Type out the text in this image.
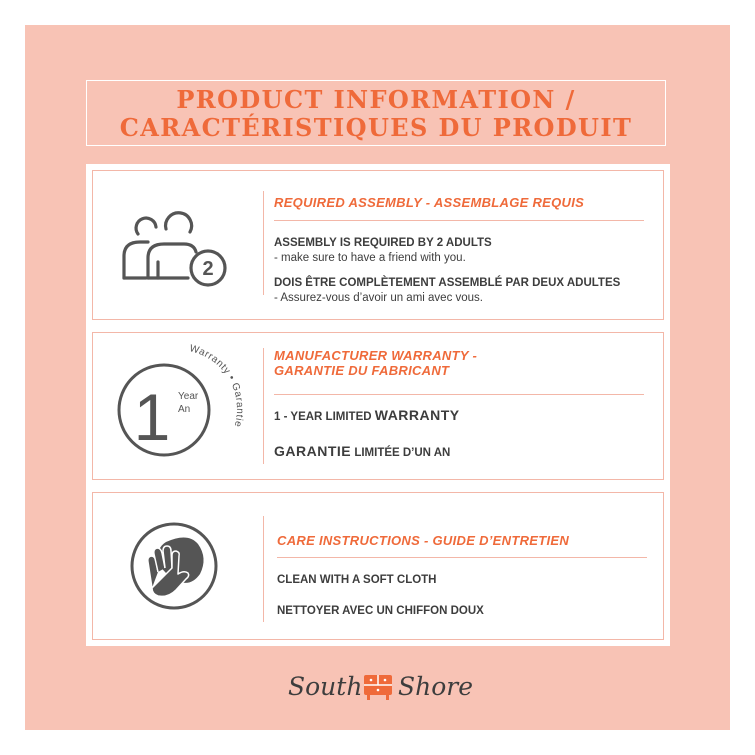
PRODUCT INFORMATION /
CARACTÉRISTIQUES DU PRODUIT
2
REQUIRED ASSEMBLY - ASSEMBLAGE REQUIS
ASSEMBLY IS REQUIRED BY 2 ADULTS
- make sure to have a friend with you.
DOIS ÊTRE COMPLÈTEMENT ASSEMBLÉ PAR DEUX ADULTES
- Assurez-vous d’avoir un ami avec vous.
1 Year
An
Warranty • Garantie
MANUFACTURER WARRANTY -
GARANTIE DU FABRICANT
1 - YEAR LIMITED WARRANTY
GARANTIE LIMITÉE D’UN AN
CARE INSTRUCTIONS - GUIDE D’ENTRETIEN
CLEAN WITH A SOFT CLOTH
NETTOYER AVEC UN CHIFFON DOUX
South Shore
